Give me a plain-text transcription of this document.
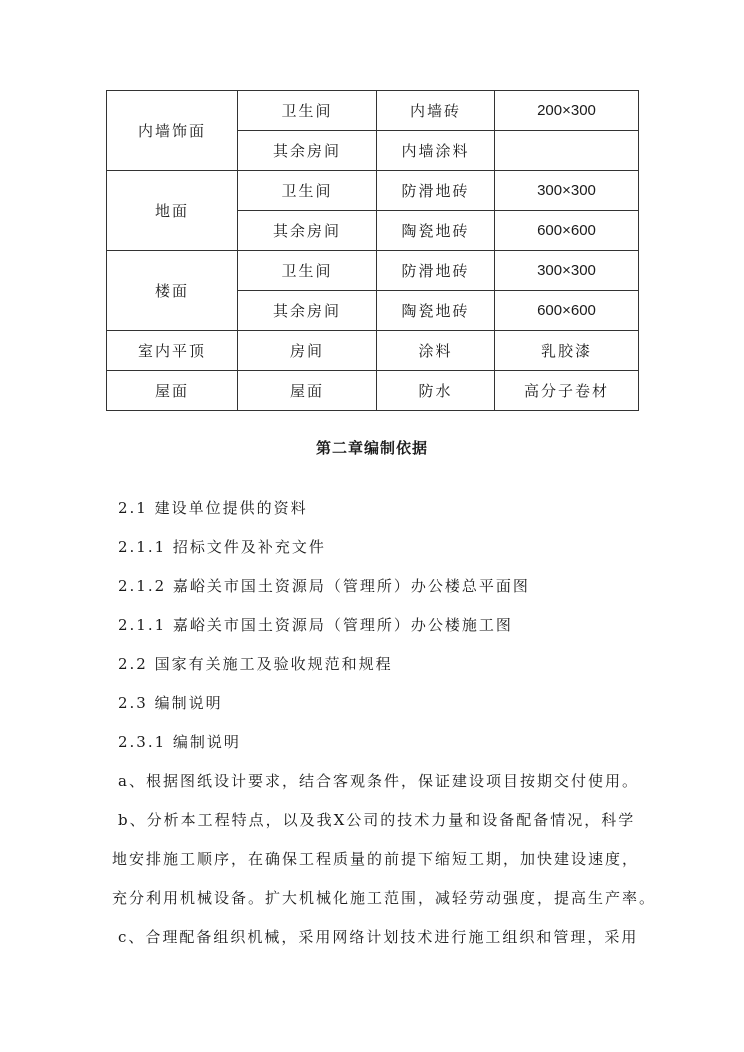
内墙饰面	卫生间	内墙砖	200×300
	其余房间	内墙涂料	
地面	卫生间	防滑地砖	300×300
	其余房间	陶瓷地砖	600×600
楼面	卫生间	防滑地砖	300×300
	其余房间	陶瓷地砖	600×600
室内平顶	房间	涂料	乳胶漆
屋面	屋面	防水	高分子卷材
第二章编制依据
2.1 建设单位提供的资料
2.1.1 招标文件及补充文件
2.1.2 嘉峪关市国土资源局（管理所）办公楼总平面图
2.1.1 嘉峪关市国土资源局（管理所）办公楼施工图
2.2 国家有关施工及验收规范和规程
2.3 编制说明
2.3.1 编制说明
a、根据图纸设计要求，结合客观条件，保证建设项目按期交付使用。
b、分析本工程特点，以及我X公司的技术力量和设备配备情况，科学
地安排施工顺序，在确保工程质量的前提下缩短工期，加快建设速度，
充分利用机械设备。扩大机械化施工范围，减轻劳动强度，提高生产率。
c、合理配备组织机械，采用网络计划技术进行施工组织和管理，采用
